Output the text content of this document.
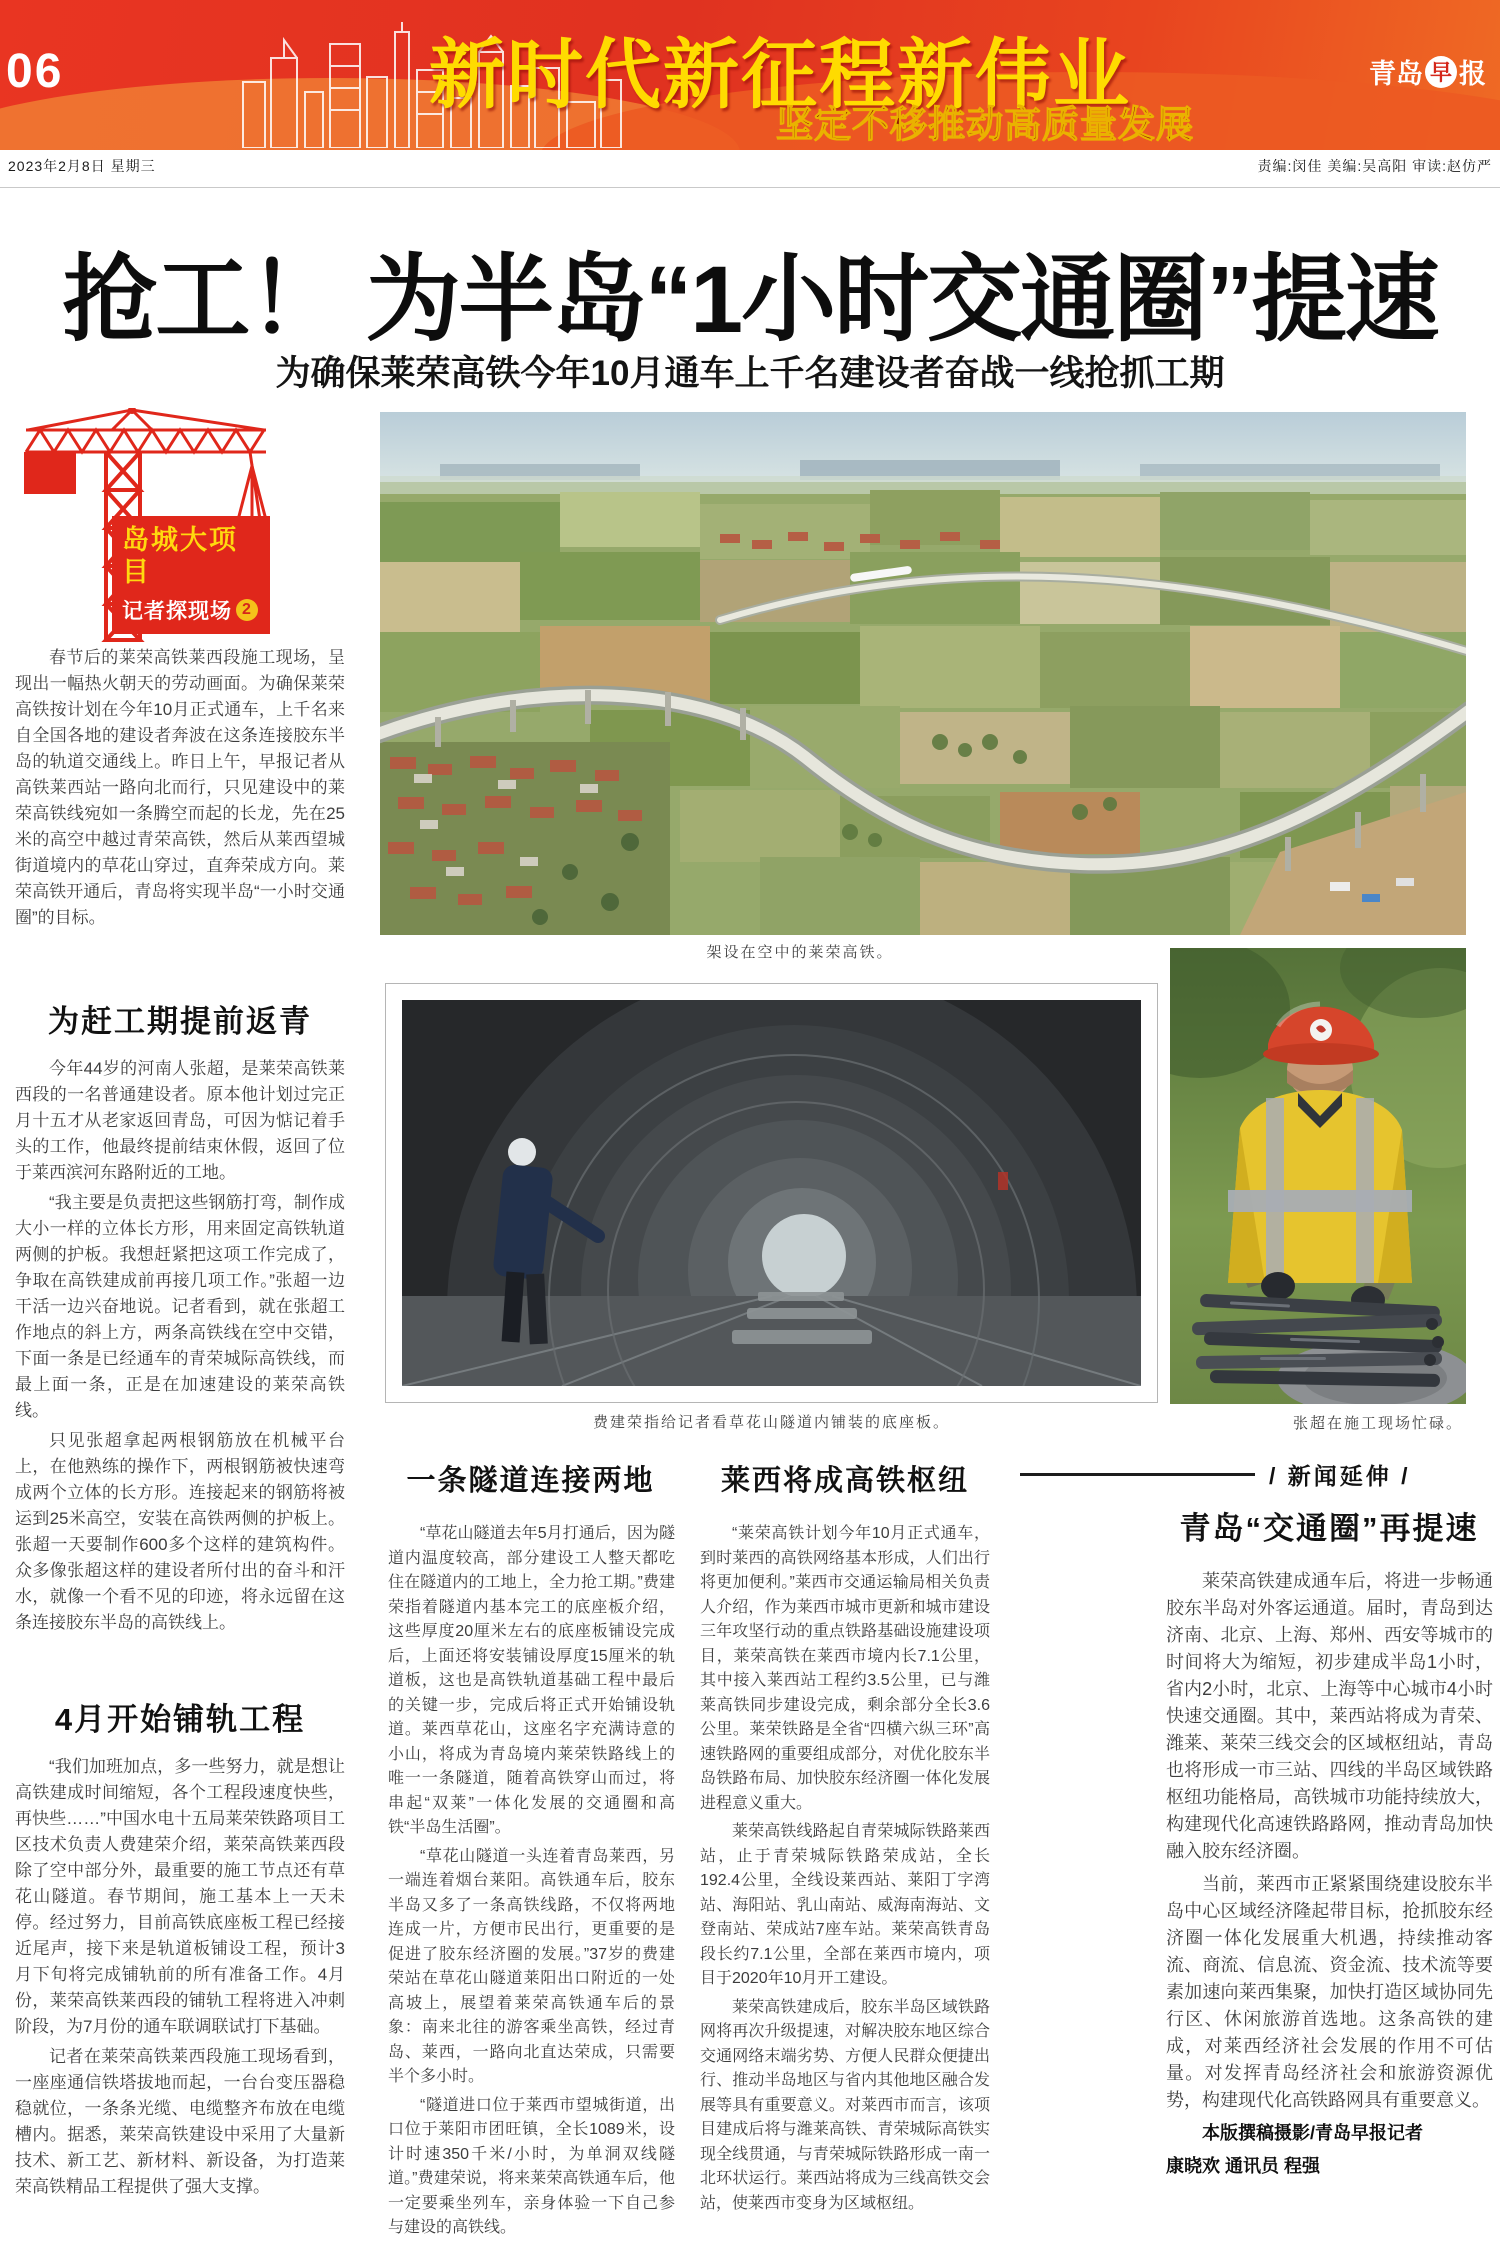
06	新时代新征程新伟业
坚定不移推动高质量发展
青岛 早 报
2023年2月8日 星期三	责编:闵佳 美编:吴高阳 审读:赵仿严
抢工！ 为半岛“1小时交通圈”提速
为确保莱荣高铁今年10月通车上千名建设者奋战一线抢抓工期
岛城大项目
记者探现场 2

春节后的莱荣高铁莱西段施工现场，呈现出一幅热火朝天的劳动画面。为确保莱荣高铁按计划在今年10月正式通车，上千名来自全国各地的建设者奔波在这条连接胶东半岛的轨道交通线上。昨日上午，早报记者从高铁莱西站一路向北而行，只见建设中的莱荣高铁线宛如一条腾空而起的长龙，先在25米的高空中越过青荣高铁，然后从莱西望城街道境内的草花山穿过，直奔荣成方向。莱荣高铁开通后，青岛将实现半岛“一小时交通圈”的目标。

为赶工期提前返青

今年44岁的河南人张超，是莱荣高铁莱西段的一名普通建设者。原本他计划过完正月十五才从老家返回青岛，可因为惦记着手头的工作，他最终提前结束休假，返回了位于莱西滨河东路附近的工地。

“我主要是负责把这些钢筋打弯，制作成大小一样的立体长方形，用来固定高铁轨道两侧的护板。我想赶紧把这项工作完成了，争取在高铁建成前再接几项工作。”张超一边干活一边兴奋地说。记者看到，就在张超工作地点的斜上方，两条高铁线在空中交错，下面一条是已经通车的青荣城际高铁线，而最上面一条，正是在加速建设的莱荣高铁线。

只见张超拿起两根钢筋放在机械平台上，在他熟练的操作下，两根钢筋被快速弯成两个立体的长方形。连接起来的钢筋将被运到25米高空，安装在高铁两侧的护板上。张超一天要制作600多个这样的建筑构件。众多像张超这样的建设者所付出的奋斗和汗水，就像一个看不见的印迹，将永远留在这条连接胶东半岛的高铁线上。

4月开始铺轨工程

“我们加班加点，多一些努力，就是想让高铁建成时间缩短，各个工程段速度快些，再快些……”中国水电十五局莱荣铁路项目工区技术负责人费建荣介绍，莱荣高铁莱西段除了空中部分外，最重要的施工节点还有草花山隧道。春节期间，施工基本上一天未停。经过努力，目前高铁底座板工程已经接近尾声，接下来是轨道板铺设工程，预计3月下旬将完成铺轨前的所有准备工作。4月份，莱荣高铁莱西段的铺轨工程将进入冲刺阶段，为7月份的通车联调联试打下基础。

记者在莱荣高铁莱西段施工现场看到，一座座通信铁塔拔地而起，一台台变压器稳稳就位，一条条光缆、电缆整齐布放在电缆槽内。据悉，莱荣高铁建设中采用了大量新技术、新工艺、新材料、新设备，为打造莱荣高铁精品工程提供了强大支撑。

架设在空中的莱荣高铁。
费建荣指给记者看草花山隧道内铺装的底座板。	张超在施工现场忙碌。
一条隧道连接两地

“草花山隧道去年5月打通后，因为隧道内温度较高，部分建设工人整天都吃住在隧道内的工地上，全力抢工期。”费建荣指着隧道内基本完工的底座板介绍，这些厚度20厘米左右的底座板铺设完成后，上面还将安装铺设厚度15厘米的轨道板，这也是高铁轨道基础工程中最后的关键一步，完成后将正式开始铺设轨道。莱西草花山，这座名字充满诗意的小山，将成为青岛境内莱荣铁路线上的唯一一条隧道，随着高铁穿山而过，将串起“双莱”一体化发展的交通圈和高铁“半岛生活圈”。

“草花山隧道一头连着青岛莱西，另一端连着烟台莱阳。高铁通车后，胶东半岛又多了一条高铁线路，不仅将两地连成一片，方便市民出行，更重要的是促进了胶东经济圈的发展。”37岁的费建荣站在草花山隧道莱阳出口附近的一处高坡上，展望着莱荣高铁通车后的景象：南来北往的游客乘坐高铁，经过青岛、莱西，一路向北直达荣成，只需要半个多小时。

“隧道进口位于莱西市望城街道，出口位于莱阳市团旺镇，全长1089米，设计时速350千米/小时，为单洞双线隧道。”费建荣说，将来莱荣高铁通车后，他一定要乘坐列车，亲身体验一下自己参与建设的高铁线。

莱西将成高铁枢纽

“莱荣高铁计划今年10月正式通车，到时莱西的高铁网络基本形成，人们出行将更加便利。”莱西市交通运输局相关负责人介绍，作为莱西市城市更新和城市建设三年攻坚行动的重点铁路基础设施建设项目，莱荣高铁在莱西市境内长7.1公里，其中接入莱西站工程约3.5公里，已与潍莱高铁同步建设完成，剩余部分全长3.6公里。莱荣铁路是全省“四横六纵三环”高速铁路网的重要组成部分，对优化胶东半岛铁路布局、加快胶东经济圈一体化发展进程意义重大。

莱荣高铁线路起自青荣城际铁路莱西站，止于青荣城际铁路荣成站，全长192.4公里，全线设莱西站、莱阳丁字湾站、海阳站、乳山南站、威海南海站、文登南站、荣成站7座车站。莱荣高铁青岛段长约7.1公里，全部在莱西市境内，项目于2020年10月开工建设。

莱荣高铁建成后，胶东半岛区域铁路网将再次升级提速，对解决胶东地区综合交通网络末端劣势、方便人民群众便捷出行、推动半岛地区与省内其他地区融合发展等具有重要意义。对莱西市而言，该项目建成后将与潍莱高铁、青荣城际高铁实现全线贯通，与青荣城际铁路形成一南一北环状运行。莱西站将成为三线高铁交会站，使莱西市变身为区域枢纽。

/ 新闻延伸 /
青岛“交通圈”再提速

莱荣高铁建成通车后，将进一步畅通胶东半岛对外客运通道。届时，青岛到达济南、北京、上海、郑州、西安等城市的时间将大为缩短，初步建成半岛1小时，省内2小时，北京、上海等中心城市4小时快速交通圈。其中，莱西站将成为青荣、潍莱、莱荣三线交会的区域枢纽站，青岛也将形成一市三站、四线的半岛区域铁路枢纽功能格局，高铁城市功能持续放大，构建现代化高速铁路路网，推动青岛加快融入胶东经济圈。

当前，莱西市正紧紧围绕建设胶东半岛中心区域经济隆起带目标，抢抓胶东经济圈一体化发展重大机遇，持续推动客流、商流、信息流、资金流、技术流等要素加速向莱西集聚，加快打造区域协同先行区、休闲旅游首选地。这条高铁的建成，对莱西经济社会发展的作用不可估量。对发挥青岛经济社会和旅游资源优势，构建现代化高铁路网具有重要意义。

本版撰稿摄影/青岛早报记者

康晓欢 通讯员 程强
